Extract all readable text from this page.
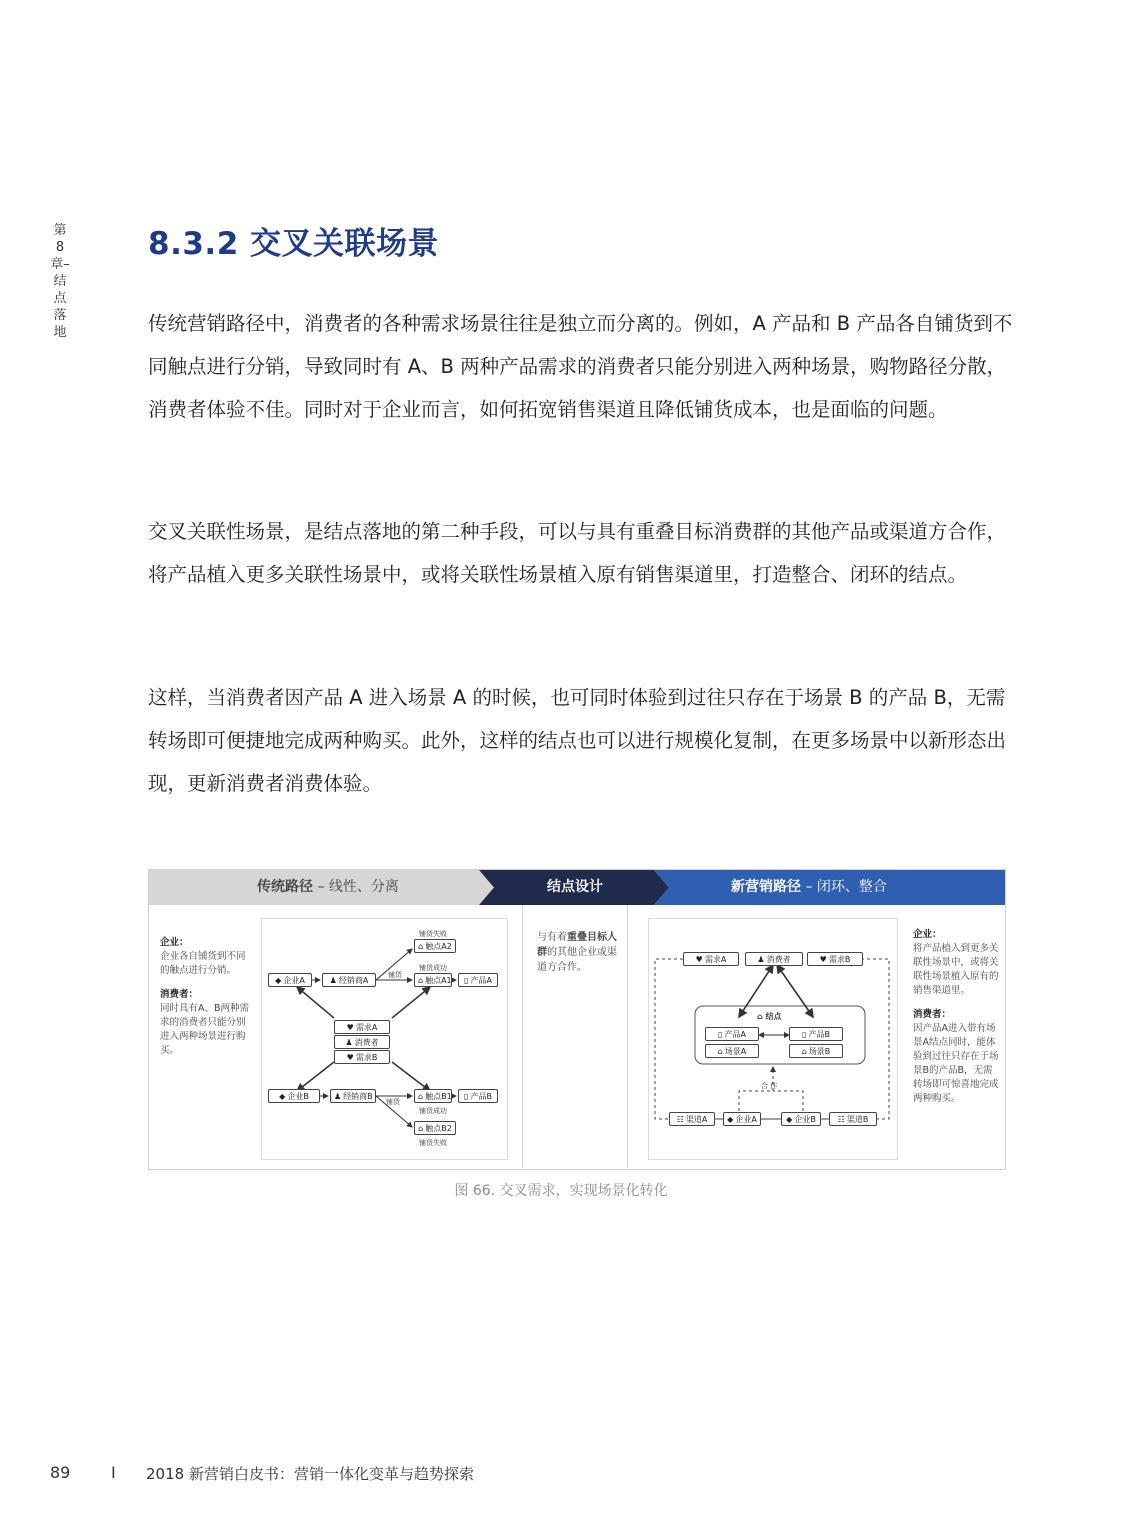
第8章–结点落地
8.3.2 交叉关联场景

传统营销路径中，消费者的各种需求场景往往是独立而分离的。例如，A 产品和 B 产品各自铺货到不同触点进行分销，导致同时有 A、B 两种产品需求的消费者只能分别进入两种场景，购物路径分散，消费者体验不佳。同时对于企业而言，如何拓宽销售渠道且降低铺货成本，也是面临的问题。

交叉关联性场景，是结点落地的第二种手段，可以与具有重叠目标消费群的其他产品或渠道方合作，将产品植入更多关联性场景中，或将关联性场景植入原有销售渠道里，打造整合、闭环的结点。

这样，当消费者因产品 A 进入场景 A 的时候，也可同时体验到过往只存在于场景 B 的产品 B，无需转场即可便捷地完成两种购买。此外，这样的结点也可以进行规模化复制，在更多场景中以新形态出现，更新消费者消费体验。

传统路径 – 线性、分离	结点设计	新营销路径 – 闭环、整合
企业：
企业各自铺货到不同的触点进行分销。
消费者：
同时具有A、B两种需求的消费者只能分别进入两种场景进行购买。
铺货失败
⌂ 触点A2
铺货成功
铺货
◆ 企业A	♟ 经销商A	⌂ 触点A1	▯ 产品A
♥ 需求A
♟ 消费者
♥ 需求B
◆ 企业B	♟ 经销商B
铺货
⌂ 触点B1	▯ 产品B
铺货成功
⌂ 触点B2
铺货失败
与有着重叠目标人群的其他企业或渠道方合作。
♥ 需求A	♟ 消费者	♥ 需求B
⌂ 结点
▯ 产品A	▯ 产品B
⌂ 场景A	⌂ 场景B
合 作
☷ 渠道A	◆ 企业A	◆ 企业B	☷ 渠道B
企业：
将产品植入到更多关联性场景中，或将关联性场景植入原有的销售渠道里。
消费者：
因产品A进入带有场景A结点同时，能体验到过往只存在于场景B的产品B，无需转场即可惊喜地完成两种购买。

图 66. 交叉需求，实现场景化转化

89	I 2018 新营销白皮书：营销一体化变革与趋势探索
